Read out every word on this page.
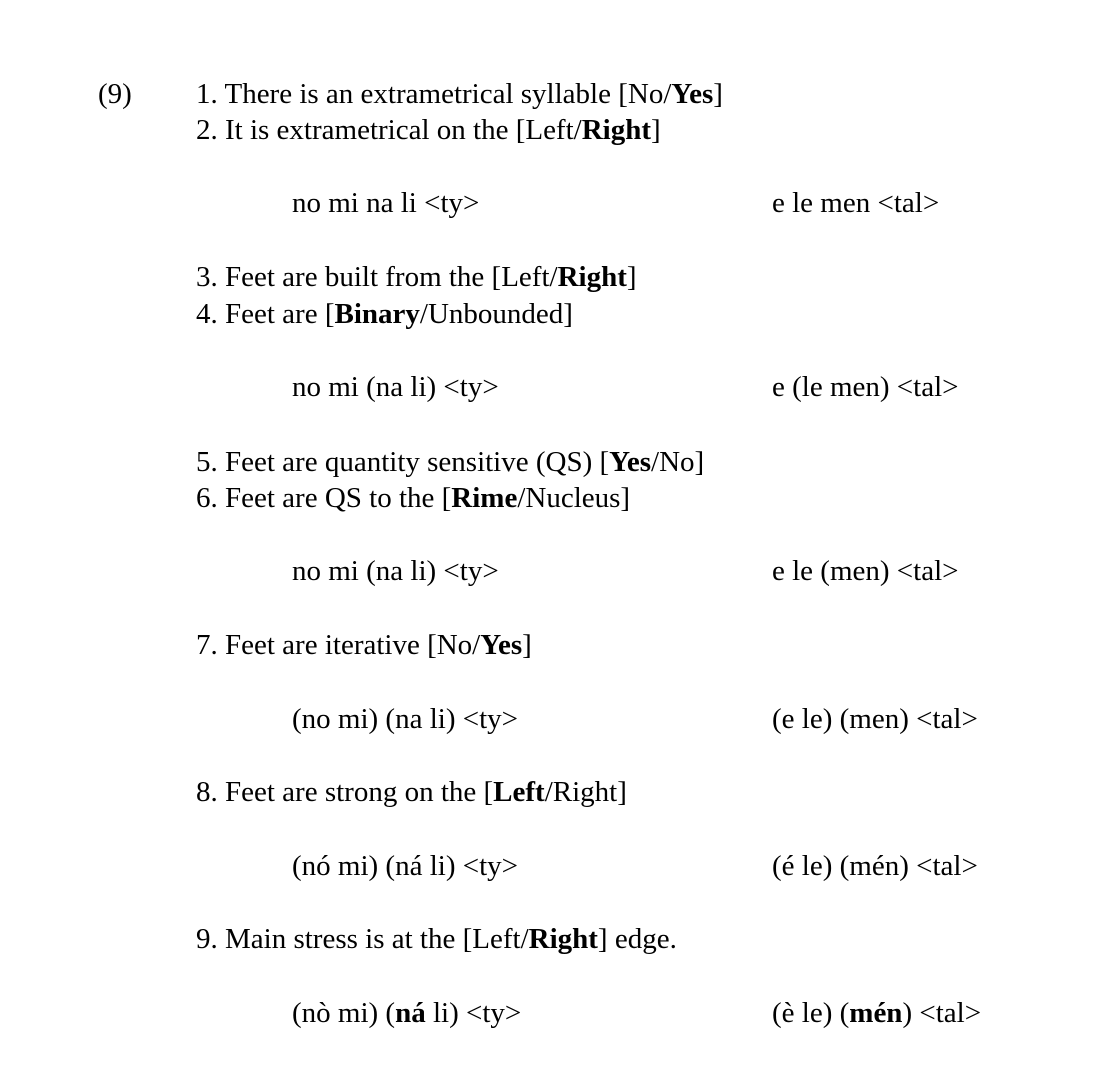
(9) 1. There is an extrametrical syllable [No/Yes]
2. It is extrametrical on the [Left/Right]
no mi na li <ty>	e le men <tal>
3. Feet are built from the [Left/Right]
4. Feet are [Binary/Unbounded]
no mi (na li) <ty>	e (le men) <tal>
5. Feet are quantity sensitive (QS) [Yes/No]
6. Feet are QS to the [Rime/Nucleus]
no mi (na li) <ty>	e le (men) <tal>
7. Feet are iterative [No/Yes]
(no mi) (na li) <ty>	(e le) (men) <tal>
8. Feet are strong on the [Left/Right]
(nó mi) (ná li) <ty>	(é le) (mén) <tal>
9. Main stress is at the [Left/Right] edge.
(nò mi) (ná li) <ty>	(è le) (mén) <tal>
